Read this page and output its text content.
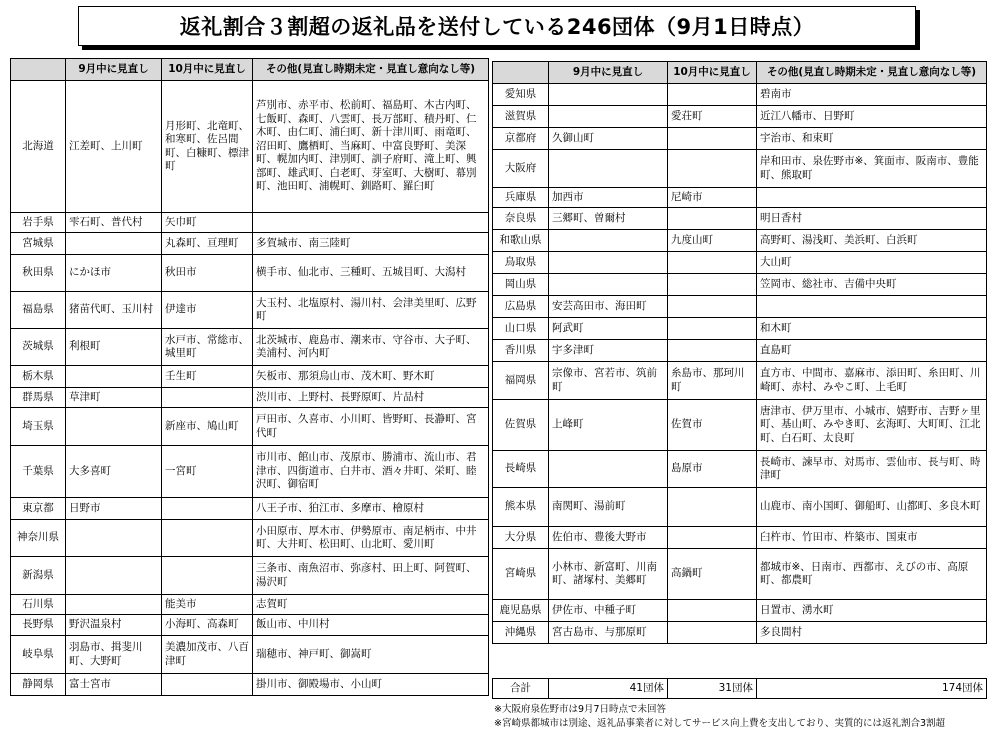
返礼割合３割超の返礼品を送付している246団体（9月1日時点）
	9月中に見直し	10月中に見直し	その他(見直し時期未定・見直し意向なし等)
北海道	江差町、上川町	月形町、北竜町、和寒町、佐呂間町、白糠町、標津町	芦別市、赤平市、松前町、福島町、木古内町、七飯町、森町、八雲町、長万部町、積丹町、仁木町、由仁町、浦臼町、新十津川町、雨竜町、沼田町、鷹栖町、当麻町、中富良野町、美深町、幌加内町、津別町、訓子府町、滝上町、興部町、雄武町、白老町、芽室町、大樹町、幕別町、池田町、浦幌町、釧路町、羅臼町
岩手県	雫石町、普代村	矢巾町	
宮城県		丸森町、亘理町	多賀城市、南三陸町
秋田県	にかほ市	秋田市	横手市、仙北市、三種町、五城目町、大潟村
福島県	猪苗代町、玉川村	伊達市	大玉村、北塩原村、湯川村、会津美里町、広野町
茨城県	利根町	水戸市、常総市、城里町	北茨城市、鹿島市、潮来市、守谷市、大子町、美浦村、河内町
栃木県		壬生町	矢板市、那須烏山市、茂木町、野木町
群馬県	草津町		渋川市、上野村、長野原町、片品村
埼玉県		新座市、鳩山町	戸田市、久喜市、小川町、皆野町、長瀞町、宮代町
千葉県	大多喜町	一宮町	市川市、館山市、茂原市、勝浦市、流山市、君津市、四街道市、白井市、酒々井町、栄町、睦沢町、御宿町
東京都	日野市		八王子市、狛江市、多摩市、檜原村
神奈川県			小田原市、厚木市、伊勢原市、南足柄市、中井町、大井町、松田町、山北町、愛川町
新潟県			三条市、南魚沼市、弥彦村、田上町、阿賀町、湯沢町
石川県		能美市	志賀町
長野県	野沢温泉村	小海町、高森町	飯山市、中川村
岐阜県	羽島市、揖斐川町、大野町	美濃加茂市、八百津町	瑞穂市、神戸町、御嵩町
静岡県	富士宮市		掛川市、御殿場市、小山町
	9月中に見直し	10月中に見直し	その他(見直し時期未定・見直し意向なし等)
愛知県			碧南市
滋賀県		愛荘町	近江八幡市、日野町
京都府	久御山町		宇治市、和束町
大阪府			岸和田市、泉佐野市※、箕面市、阪南市、豊能町、熊取町
兵庫県	加西市	尼崎市	
奈良県	三郷町、曽爾村		明日香村
和歌山県		九度山町	高野町、湯浅町、美浜町、白浜町
鳥取県			大山町
岡山県			笠岡市、総社市、吉備中央町
広島県	安芸高田市、海田町		
山口県	阿武町		和木町
香川県	宇多津町		直島町
福岡県	宗像市、宮若市、筑前町	糸島市、那珂川町	直方市、中間市、嘉麻市、添田町、糸田町、川崎町、赤村、みやこ町、上毛町
佐賀県	上峰町	佐賀市	唐津市、伊万里市、小城市、嬉野市、吉野ヶ里町、基山町、みやき町、玄海町、大町町、江北町、白石町、太良町
長崎県		島原市	長崎市、諫早市、対馬市、雲仙市、長与町、時津町
熊本県	南関町、湯前町		山鹿市、南小国町、御船町、山都町、多良木町
大分県	佐伯市、豊後大野市		臼杵市、竹田市、杵築市、国東市
宮崎県	小林市、新富町、川南町、諸塚村、美郷町	高鍋町	都城市※、日南市、西都市、えびの市、高原町、都農町
鹿児島県	伊佐市、中種子町		日置市、湧水町
沖縄県	宮古島市、与那原町		多良間村
合計	41団体	31団体	174団体
※大阪府泉佐野市は9月7日時点で未回答
※宮崎県都城市は別途、返礼品事業者に対してサービス向上費を支出しており、実質的には返礼割合3割超
